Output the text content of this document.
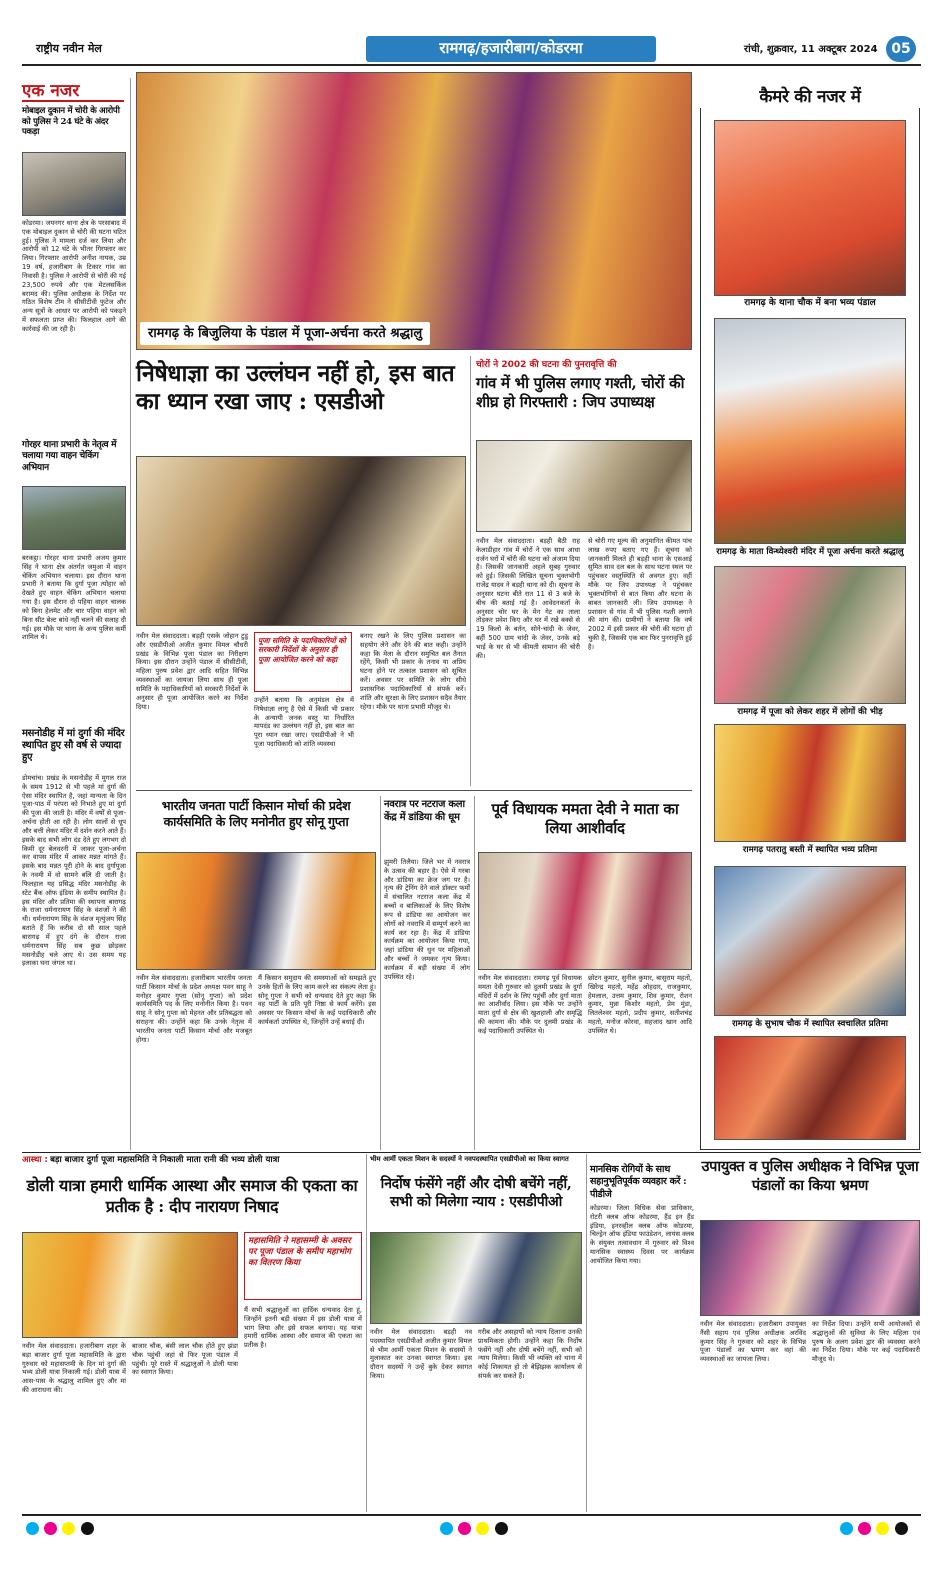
राष्ट्रीय नवीन मेल	रामगढ़/हजारीबाग/कोडरमा	रांची, शुक्रवार, 11 अक्टूबर 2024 05
एक नजर
मोबाइल दुकान में चोरी के आरोपी को पुलिस ने 24 घंटे के अंदर पकड़ा
कोडरमा। जयनगर थाना क्षेत्र के परसाबाद में एक मोबाइल दुकान से चोरी की घटना घटित हुई। पुलिस ने मामला दर्ज कर लिया और आरोपी को 12 घंटे के भीतर गिरफ्तार कर लिया। गिरफ्तार आरोपी अनीश नायक, उम्र 19 वर्ष, हजारीबाग के टिकार गांव का निवासी है। पुलिस ने आरोपी से चोरी की गई 23,500 रुपये और एक मेटलसर्किल बरामद की। पुलिस अधीक्षक के निर्देश पर गठित विशेष टीम ने सीसीटीवी फुटेज और अन्य सूत्रों के आधार पर आरोपी को पकड़ने में सफलता प्राप्त की। फिलहाल आगे की कार्रवाई की जा रही है।
गोरहर थाना प्रभारी के नेतृत्व में चलाया गया वाहन चेकिंग अभियान
बरकट्ठा। गोरहर थाना प्रभारी अजय कुमार सिंह ने थाना क्षेत्र अंतर्गत जमुआ में वाहन चेकिंग अभियान चलाया। इस दौरान थाना प्रभारी ने बताया कि दुर्गा पूजा त्योहार को देखते हुए वाहन चेकिंग अभियान चलाया गया है। इस दौरान दो पहिया वाहन चालक को बिना हेलमेट और चार पहिया वाहन को बिना सीट बेल्ट बांधे नहीं चलने की सलाह दी गई। इस मौके पर थाना के अन्य पुलिस कर्मी शामिल थे।
मसनोडीह में मां दुर्गा की मंदिर स्थापित हुए सौ वर्ष से ज्यादा हुए
डोमचांच। प्रखंड के मसनोडीह में मुगल राज के समय 1912 से भी पहले मां दुर्गा की ऐसा मंदिर स्थापित है, जहां मान्यता के दिन पूजा-पाठ में परंपरा को निभाते हुए मां दुर्गा की पूजा की जाती है। मंदिर में वर्षों से पूजा-अर्चना होती आ रही है। लोग सालों से धूप और बत्ती लेकर मंदिर में दर्शन करने आते हैं। इसके बाद सभी लोग दंड देते हुए लगभग दो किमी दूर बेलवरनी में जाकर पूजा-अर्चना कर वापस मंदिर में आकर मन्नत मांगते हैं। इसके बाद मन्नत पूरी होने के बाद दुर्गापूजा के नवमी में वो सामने बलि दी जाती है। फिलहाल यह प्रसिद्ध मंदिर मसनोडीह के स्टेट बैंक ऑफ इंडिया के समीप स्थापित है। इस मंदिर और प्रतिमा की स्थापना बारागढ़ के राजा धर्मनारायण सिंह के वंशजों ने की थी। धर्मनारायण सिंह के वंशज मृत्युंजय सिंह बताते हैं कि करीब दो सौ साल पहले बारागढ़ में हुए दंगे के दौरान राजा धर्मनारायण सिंह सब कुछ छोड़कर मसनोडीह चले आए थे। उस समय यह इलाका घना जंगल था।
रामगढ़ के बिजुलिया के पंडाल में पूजा-अर्चना करते श्रद्धालु
निषेधाज्ञा का उल्लंघन नहीं हो, इस बात का ध्यान रखा जाए : एसडीओ
पूजा समिति के पदाधिकारियों को सरकारी निर्देशों के अनुसार ही पूजा आयोजित करने को कहा
नवीन मेल संवाददाता। बड़ही एसके जोहान टुडू और एसडीपीओ अजीत कुमार विमल चौधरी प्रखंड के विभिन्न पूजा पंडाल का निरीक्षण किया। इस दौरान उन्होंने पंडाल में सीसीटीवी, महिला पुरुष प्रवेश द्वार आदि सहित विभिन्न व्यवस्थाओं का जायजा लिया साथ ही पूजा समिति के पदाधिकारियों को सरकारी निर्देशों के अनुसार ही पूजा आयोजित करने का निर्देश दिया।
उन्होंने बताया कि अनुमंडल क्षेत्र में निषेधाज्ञा लागू है ऐसे में किसी भी प्रकार के अन्यायी जनक वस्तु या निर्धारित मापदंड का उल्लंघन नहीं हो, इस बात का पूरा ध्यान रखा जाए। एसडीपीओ ने भी पूजा पदाधिकारी को शांति व्यवस्था
बनाए रखने के लिए पुलिस प्रशासन का सहयोग लेने और देने की बात कही। उन्होंने कहा कि मेला के दौरान समुचित बल तैनात रहेंगे, किसी भी प्रकार के तनाव या अप्रिय घटना होने पर तत्काल प्रशासन को सूचित करें। अवसर पर समिति के लोग सीधे प्रशासनिक पदाधिकारियों से संपर्क करें। शांति और सुरक्षा के लिए प्रशासन सदैव तैयार रहेगा। मौके पर थाना प्रभारी मौजूद थे।
चोरों ने 2002 की घटना की पुनरावृत्ति की
गांव में भी पुलिस लगाए गश्ती, चोरों की शीघ्र हो गिरफ्तारी : जिप उपाध्यक्ष
नवीन मेल संवाददाता। बड़ही बैठी राह केलाडीहार गांव में चोरों ने एक साथ आधा दर्जन घरों में चोरी की घटना को अंजाम दिया है। जिसकी जानकारी अहले सुबह गुरुवार को हुई। जिसकी लिखित सूचना भुक्तभोगी राजेंद्र यादव ने बड़ही थाना को दी। सूचना के अनुसार घटना बीते रात 11 से 3 बजे के बीच की बताई गई है। आवेदनकर्ता के अनुसार चोर घर के मेन गेट का ताला तोड़कर प्रवेश किए और घर में रखे बक्से से 19 किलो के बर्तन, सोने-चांदी के जेवर, बहीं 500 ग्राम चांदी के जेवर, उनके बड़े भाई के घर से भी कीमती सामान की चोरी की।
से चोरी गए मूल्य की अनुमानित कीमत पांच लाख रुपए बताए गए हैं। सूचना को जानकारी मिलते ही बड़ही थाना के एसआई सुमित साव दल बल के साथ घटना स्थल पर पहुंचकर वस्तुस्थिति से अवगत हुए। वहीं मौके पर जिप उपाध्यक्ष ने पहुंचकर भुक्तभोगियों से बात किया और घटना के बाबत जानकारी ली। जिप उपाध्यक्ष ने प्रशासन से गांव में भी पुलिस गश्ती लगाने की मांग की। ग्रामीणों ने बताया कि वर्ष 2002 में इसी प्रकार की चोरी की घटना हो चुकी है, जिसकी एक बार फिर पुनरावृत्ति हुई है।
भारतीय जनता पार्टी किसान मोर्चा की प्रदेश कार्यसमिति के लिए मनोनीत हुए सोनू गुप्ता
नवीन मेल संवाददाता। हजारीबाग भारतीय जनता पार्टी किसान मोर्चा के प्रदेश अध्यक्ष पवन साहू ने मनोहर कुमार गुप्ता (सोनू गुप्ता) को प्रदेश कार्यसमिति पद के लिए मनोनीत किया है। पवन साहू ने सोनू गुप्ता को मेहनत और प्रतिबद्धता को सराहना की। उन्होंने कहा कि उनके नेतृत्व में भारतीय जनता पार्टी किसान मोर्चा और मजबूत होगा।
मैं किसान समुदाय की समस्याओं को समझते हुए उनके हितों के लिए काम करने का संकल्प लेता हूं। सोनू गुप्ता ने सभी को धन्यवाद देते हुए कहा कि वह पार्टी के प्रति पूरी निष्ठा से कार्य करेंगे। इस अवसर पर किसान मोर्चा के कई पदाधिकारी और कार्यकर्ता उपस्थित थे, जिन्होंने उन्हें बधाई दी।
नवरात्र पर नटराज कला केंद्र में डांडिया की धूम
झुमरी तिलैया। जिले भर में नवरात्र के उत्सव की बहार है। ऐसे में गरबा और डांडिया का क्रेज जग पर है। नृत्य की ट्रेनिंग देने वाले डॉक्टर फर्मों में संचालित नटराज कला केंद्र में बच्चों व बालिकाओं के लिए विशेष रूप से डांडिया का आयोजन कर लोगों को नवरात्रि में सम्पूर्ण करने का कार्य कर रहा है। केंद्र में डांडिया कार्यक्रम का आयोजन किया गया, जहां डांडिया की धुन पर महिलाओं और बच्चों ने जमकर नृत्य किया। कार्यक्रम में बड़ी संख्या में लोग उपस्थित रहे।
पूर्व विधायक ममता देवी ने माता का लिया आशीर्वाद
नवीन मेल संवाददाता। रामगढ़ पूर्व विधायक ममता देवी गुरुवार को दुलमी प्रखंड के दुर्गा मंदिरों में दर्शन के लिए पहुंचीं और दुर्गा माता का आशीर्वाद लिया। इस मौके पर उन्होंने माता दुर्गा से क्षेत्र की खुशहाली और समृद्धि की कामना की। मौके पर दुलमी प्रखंड के कई पदाधिकारी उपस्थित थे।
छोटन कुमार, सुनील कुमार, बासुराम महतो, खिरेन्द्र महतो, महेंद्र ओहदार, राजकुमार, हेमलाल, उत्तम कुमार, शिव कुमार, रोशन कुमार, मुन्ना किशोर महतो, प्रेम मुंडा, लितलेश्वर महतो, प्रदीप कुमार, सतीशचंद्र महतो, मनोज कोरवा, सहजाद खान आदि उपस्थित थे।
कैमरे की नजर में
रामगढ़ के थाना चौक में बना भव्य पंडाल
रामगढ़ के माता विन्ध्येश्वरी मंदिर में पूजा अर्चना करते श्रद्धालु
रामगढ़ में पूजा को लेकर शहर में लोगों की भीड़
रामगढ़ पतरातु बस्ती में स्थापित भव्य प्रतिमा
रामगढ़ के सुभाष चौक में स्थापित स्वचालित प्रतिमा
आस्था : बड़ा बाजार दुर्गा पूजा महासमिति ने निकाली माता रानी की भव्य डोली यात्रा
डोली यात्रा हमारी धार्मिक आस्था और समाज की एकता का प्रतीक है : दीप नारायण निषाद
महासमिति ने महासम्मी के अवसर पर पूजा पंडाल के समीप महाभोग का वितरण किया
नवीन मेल संवाददाता। हजारीबाग शहर के बड़ा बाजार दुर्गा पूजा महासमिति के द्वारा गुरुवार को महासप्तमी के दिन मां दुर्गा की भव्य डोली यात्रा निकाली गई। डोली यात्रा में आस-पास के श्रद्धालु शामिल हुए और मां की आराधना की।
बाजार चौक, बंसी लाल चौक होते हुए झंडा चौक पहुंची जहां से फिर पूजा पंडाल में पहुंची। पूरे रास्ते में श्रद्धालुओं ने डोली यात्रा का स्वागत किया।
मैं सभी श्रद्धालुओं का हार्दिक धन्यवाद देता हूं, जिन्होंने इतनी बड़ी संख्या में इस डोली यात्रा में भाग लिया और इसे सफल बनाया। यह यात्रा हमारी धार्मिक आस्था और समाज की एकता का प्रतीक है।
भीम आर्मी एकता मिशन के सदस्यों ने नवपदस्थापित एसडीपीओ का किया स्वागत
निर्दोष फंसेंगे नहीं और दोषी बचेंगे नहीं, सभी को मिलेगा न्याय : एसडीपीओ
नवीन मेल संवाददाता। बड़ही नव पदस्थापित एसडीपीओ अजीत कुमार विमल से भीम आर्मी एकता मिशन के सदस्यों ने मुलाकात कर उनका स्वागत किया। इस दौरान सदस्यों ने उन्हें बुके देकर स्वागत किया।
गरीब और असहायों को न्याय दिलाना उनकी प्राथमिकता होगी। उन्होंने कहा कि निर्दोष फंसेंगे नहीं और दोषी बचेंगे नहीं, सभी को न्याय मिलेगा। किसी भी व्यक्ति को थाना में कोई शिकायत हो तो बेझिझक कार्यालय से संपर्क कर सकते हैं।
मानसिक रोगियों के साथ सहानुभूतिपूर्वक व्यवहार करें : पीडीजे
कोडरमा। जिला विधिक सेवा प्राधिकार, रोटरी क्लब ऑफ कोडरमा, हैंड इन हैंड इंडिया, इनरव्हील क्लब ऑफ कोडरमा, चिल्ड्रेन ऑफ इंडिया फाउंडेशन, लायंस क्लब के संयुक्त तत्वावधान में गुरुवार को विश्व मानसिक स्वास्थ्य दिवस पर कार्यक्रम आयोजित किया गया।
उपायुक्त व पुलिस अधीक्षक ने विभिन्न पूजा पंडालों का किया भ्रमण
नवीन मेल संवाददाता। हजारीबाग उपायुक्त नैंसी सहाय एवं पुलिस अधीक्षक अरविंद कुमार सिंह ने गुरुवार को शहर के विभिन्न पूजा पंडालों का भ्रमण कर वहां की व्यवस्थाओं का जायजा लिया।
का निर्देश दिया। उन्होंने सभी आयोजकों से श्रद्धालुओं की सुविधा के लिए महिला एवं पुरुष के अलग प्रवेश द्वार की व्यवस्था करने का निर्देश दिया। मौके पर कई पदाधिकारी मौजूद थे।
